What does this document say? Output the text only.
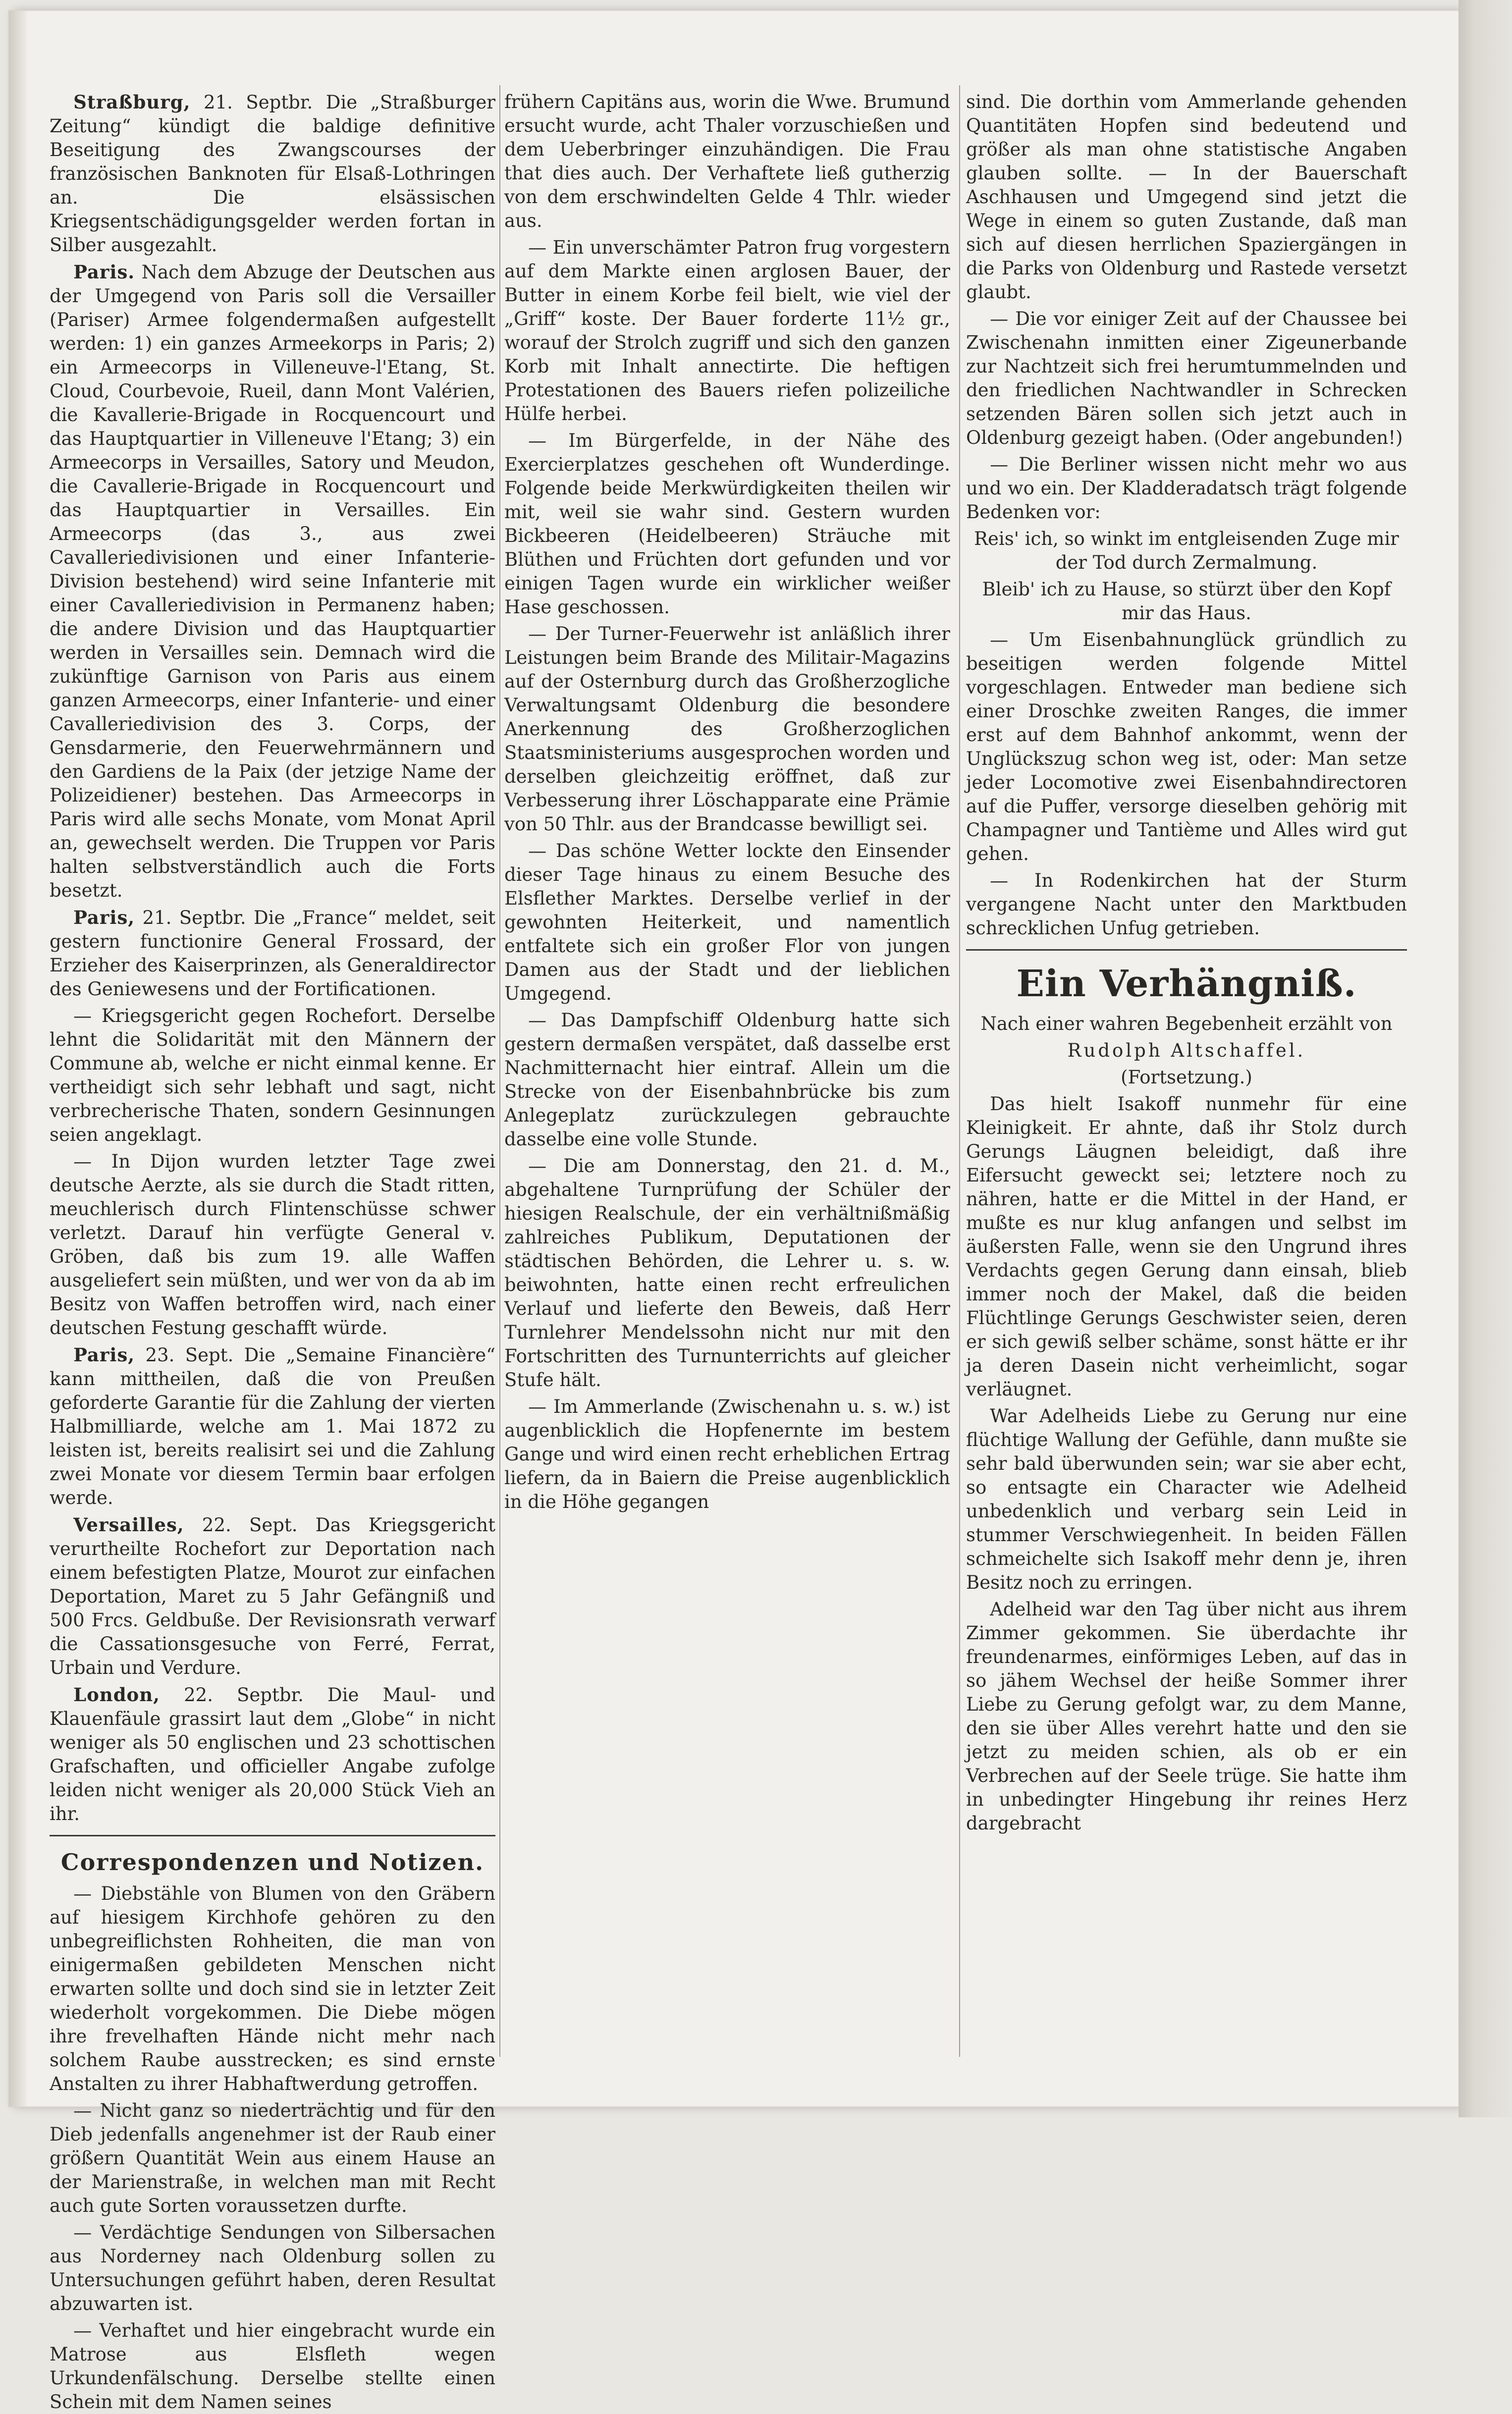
Straßburg, 21. Septbr. Die „Straßburger Zeitung“ kündigt die baldige definitive Beseitigung des Zwangscourses der französischen Banknoten für Elsaß-Lothringen an. Die elsässischen Kriegsentschädigungsgelder werden fortan in Silber ausgezahlt.

Paris. Nach dem Abzuge der Deutschen aus der Umgegend von Paris soll die Versailler (Pariser) Armee folgendermaßen aufgestellt werden: 1) ein ganzes Armeekorps in Paris; 2) ein Armeecorps in Villeneuve-l'Etang, St. Cloud, Courbevoie, Rueil, dann Mont Valérien, die Kavallerie-Brigade in Rocquencourt und das Hauptquartier in Villeneuve l'Etang; 3) ein Armeecorps in Versailles, Satory und Meudon, die Cavallerie-Brigade in Rocquencourt und das Hauptquartier in Versailles. Ein Armeecorps (das 3., aus zwei Cavalleriedivisionen und einer Infanterie-Division bestehend) wird seine Infanterie mit einer Cavalleriedivision in Permanenz haben; die andere Division und das Hauptquartier werden in Versailles sein. Demnach wird die zukünftige Garnison von Paris aus einem ganzen Armeecorps, einer Infanterie- und einer Cavalleriedivision des 3. Corps, der Gensdarmerie, den Feuerwehrmännern und den Gardiens de la Paix (der jetzige Name der Polizeidiener) bestehen. Das Armeecorps in Paris wird alle sechs Monate, vom Monat April an, gewechselt werden. Die Truppen vor Paris halten selbstverständlich auch die Forts besetzt.

Paris, 21. Septbr. Die „France“ meldet, seit gestern functionire General Frossard, der Erzieher des Kaiserprinzen, als Generaldirector des Geniewesens und der Fortificationen.

— Kriegsgericht gegen Rochefort. Derselbe lehnt die Solidarität mit den Männern der Commune ab, welche er nicht einmal kenne. Er vertheidigt sich sehr lebhaft und sagt, nicht verbrecherische Thaten, sondern Gesinnungen seien angeklagt.

— In Dijon wurden letzter Tage zwei deutsche Aerzte, als sie durch die Stadt ritten, meuchlerisch durch Flintenschüsse schwer verletzt. Darauf hin verfügte General v. Gröben, daß bis zum 19. alle Waffen ausgeliefert sein müßten, und wer von da ab im Besitz von Waffen betroffen wird, nach einer deutschen Festung geschafft würde.

Paris, 23. Sept. Die „Semaine Financière“ kann mittheilen, daß die von Preußen geforderte Garantie für die Zahlung der vierten Halbmilliarde, welche am 1. Mai 1872 zu leisten ist, bereits realisirt sei und die Zahlung zwei Monate vor diesem Termin baar erfolgen werde.

Versailles, 22. Sept. Das Kriegsgericht verurtheilte Rochefort zur Deportation nach einem befestigten Platze, Mourot zur einfachen Deportation, Maret zu 5 Jahr Gefängniß und 500 Frcs. Geldbuße. Der Revisionsrath verwarf die Cassationsgesuche von Ferré, Ferrat, Urbain und Verdure.

London, 22. Septbr. Die Maul- und Klauenfäule grassirt laut dem „Globe“ in nicht weniger als 50 englischen und 23 schottischen Grafschaften, und officieller Angabe zufolge leiden nicht weniger als 20,000 Stück Vieh an ihr.

Correspondenzen und Notizen.

— Diebstähle von Blumen von den Gräbern auf hiesigem Kirchhofe gehören zu den unbegreiflichsten Rohheiten, die man von einigermaßen gebildeten Menschen nicht erwarten sollte und doch sind sie in letzter Zeit wiederholt vorgekommen. Die Diebe mögen ihre frevelhaften Hände nicht mehr nach solchem Raube ausstrecken; es sind ernste Anstalten zu ihrer Habhaftwerdung getroffen.

— Nicht ganz so niederträchtig und für den Dieb jedenfalls angenehmer ist der Raub einer größern Quantität Wein aus einem Hause an der Marienstraße, in welchen man mit Recht auch gute Sorten voraussetzen durfte.

— Verdächtige Sendungen von Silbersachen aus Norderney nach Oldenburg sollen zu Untersuchungen geführt haben, deren Resultat abzuwarten ist.

— Verhaftet und hier eingebracht wurde ein Matrose aus Elsfleth wegen Urkundenfälschung. Derselbe stellte einen Schein mit dem Namen seines

frühern Capitäns aus, worin die Wwe. Brumund ersucht wurde, acht Thaler vorzuschießen und dem Ueberbringer einzuhändigen. Die Frau that dies auch. Der Verhaftete ließ gutherzig von dem erschwindelten Gelde 4 Thlr. wieder aus.

— Ein unverschämter Patron frug vorgestern auf dem Markte einen arglosen Bauer, der Butter in einem Korbe feil bielt, wie viel der „Griff“ koste. Der Bauer forderte 11½ gr., worauf der Strolch zugriff und sich den ganzen Korb mit Inhalt annectirte. Die heftigen Protestationen des Bauers riefen polizeiliche Hülfe herbei.

— Im Bürgerfelde, in der Nähe des Exercierplatzes geschehen oft Wunderdinge. Folgende beide Merkwürdigkeiten theilen wir mit, weil sie wahr sind. Gestern wurden Bickbeeren (Heidelbeeren) Sträuche mit Blüthen und Früchten dort gefunden und vor einigen Tagen wurde ein wirklicher weißer Hase geschossen.

— Der Turner-Feuerwehr ist anläßlich ihrer Leistungen beim Brande des Militair-Magazins auf der Osternburg durch das Großherzogliche Verwaltungsamt Oldenburg die besondere Anerkennung des Großherzoglichen Staatsministeriums ausgesprochen worden und derselben gleichzeitig eröffnet, daß zur Verbesserung ihrer Löschapparate eine Prämie von 50 Thlr. aus der Brandcasse bewilligt sei.

— Das schöne Wetter lockte den Einsender dieser Tage hinaus zu einem Besuche des Elsflether Marktes. Derselbe verlief in der gewohnten Heiterkeit, und namentlich entfaltete sich ein großer Flor von jungen Damen aus der Stadt und der lieblichen Umgegend.

— Das Dampfschiff Oldenburg hatte sich gestern dermaßen verspätet, daß dasselbe erst Nachmitternacht hier eintraf. Allein um die Strecke von der Eisenbahnbrücke bis zum Anlegeplatz zurückzulegen gebrauchte dasselbe eine volle Stunde.

— Die am Donnerstag, den 21. d. M., abgehaltene Turnprüfung der Schüler der hiesigen Realschule, der ein verhältnißmäßig zahlreiches Publikum, Deputationen der städtischen Behörden, die Lehrer u. s. w. beiwohnten, hatte einen recht erfreulichen Verlauf und lieferte den Beweis, daß Herr Turnlehrer Mendelssohn nicht nur mit den Fortschritten des Turnunterrichts auf gleicher Stufe hält.

— Im Ammerlande (Zwischenahn u. s. w.) ist augenblicklich die Hopfenernte im bestem Gange und wird einen recht erheblichen Ertrag liefern, da in Baiern die Preise augenblicklich in die Höhe gegangen

sind. Die dorthin vom Ammerlande gehenden Quantitäten Hopfen sind bedeutend und größer als man ohne statistische Angaben glauben sollte. — In der Bauerschaft Aschhausen und Umgegend sind jetzt die Wege in einem so guten Zustande, daß man sich auf diesen herrlichen Spaziergängen in die Parks von Oldenburg und Rastede versetzt glaubt.

— Die vor einiger Zeit auf der Chaussee bei Zwischenahn inmitten einer Zigeunerbande zur Nachtzeit sich frei herumtummelnden und den friedlichen Nachtwandler in Schrecken setzenden Bären sollen sich jetzt auch in Oldenburg gezeigt haben. (Oder angebunden!)

— Die Berliner wissen nicht mehr wo aus und wo ein. Der Kladderadatsch trägt folgende Bedenken vor:

Reis' ich, so winkt im entgleisenden Zuge mir der Tod durch Zermalmung.

Bleib' ich zu Hause, so stürzt über den Kopf mir das Haus.

— Um Eisenbahnunglück gründlich zu beseitigen werden folgende Mittel vorgeschlagen. Entweder man bediene sich einer Droschke zweiten Ranges, die immer erst auf dem Bahnhof ankommt, wenn der Unglückszug schon weg ist, oder: Man setze jeder Locomotive zwei Eisenbahndirectoren auf die Puffer, versorge dieselben gehörig mit Champagner und Tantième und Alles wird gut gehen.

— In Rodenkirchen hat der Sturm vergangene Nacht unter den Marktbuden schrecklichen Unfug getrieben.

Ein Verhängniß.

Nach einer wahren Begebenheit erzählt von

Rudolph Altschaffel.

(Fortsetzung.)

Das hielt Isakoff nunmehr für eine Kleinigkeit. Er ahnte, daß ihr Stolz durch Gerungs Läugnen beleidigt, daß ihre Eifersucht geweckt sei; letztere noch zu nähren, hatte er die Mittel in der Hand, er mußte es nur klug anfangen und selbst im äußersten Falle, wenn sie den Ungrund ihres Verdachts gegen Gerung dann einsah, blieb immer noch der Makel, daß die beiden Flüchtlinge Gerungs Geschwister seien, deren er sich gewiß selber schäme, sonst hätte er ihr ja deren Dasein nicht verheimlicht, sogar verläugnet.

War Adelheids Liebe zu Gerung nur eine flüchtige Wallung der Gefühle, dann mußte sie sehr bald überwunden sein; war sie aber echt, so entsagte ein Character wie Adelheid unbedenklich und verbarg sein Leid in stummer Verschwiegenheit. In beiden Fällen schmeichelte sich Isakoff mehr denn je, ihren Besitz noch zu erringen.

Adelheid war den Tag über nicht aus ihrem Zimmer gekommen. Sie überdachte ihr freundenarmes, einförmiges Leben, auf das in so jähem Wechsel der heiße Sommer ihrer Liebe zu Gerung gefolgt war, zu dem Manne, den sie über Alles verehrt hatte und den sie jetzt zu meiden schien, als ob er ein Verbrechen auf der Seele trüge. Sie hatte ihm in unbedingter Hingebung ihr reines Herz dargebracht
